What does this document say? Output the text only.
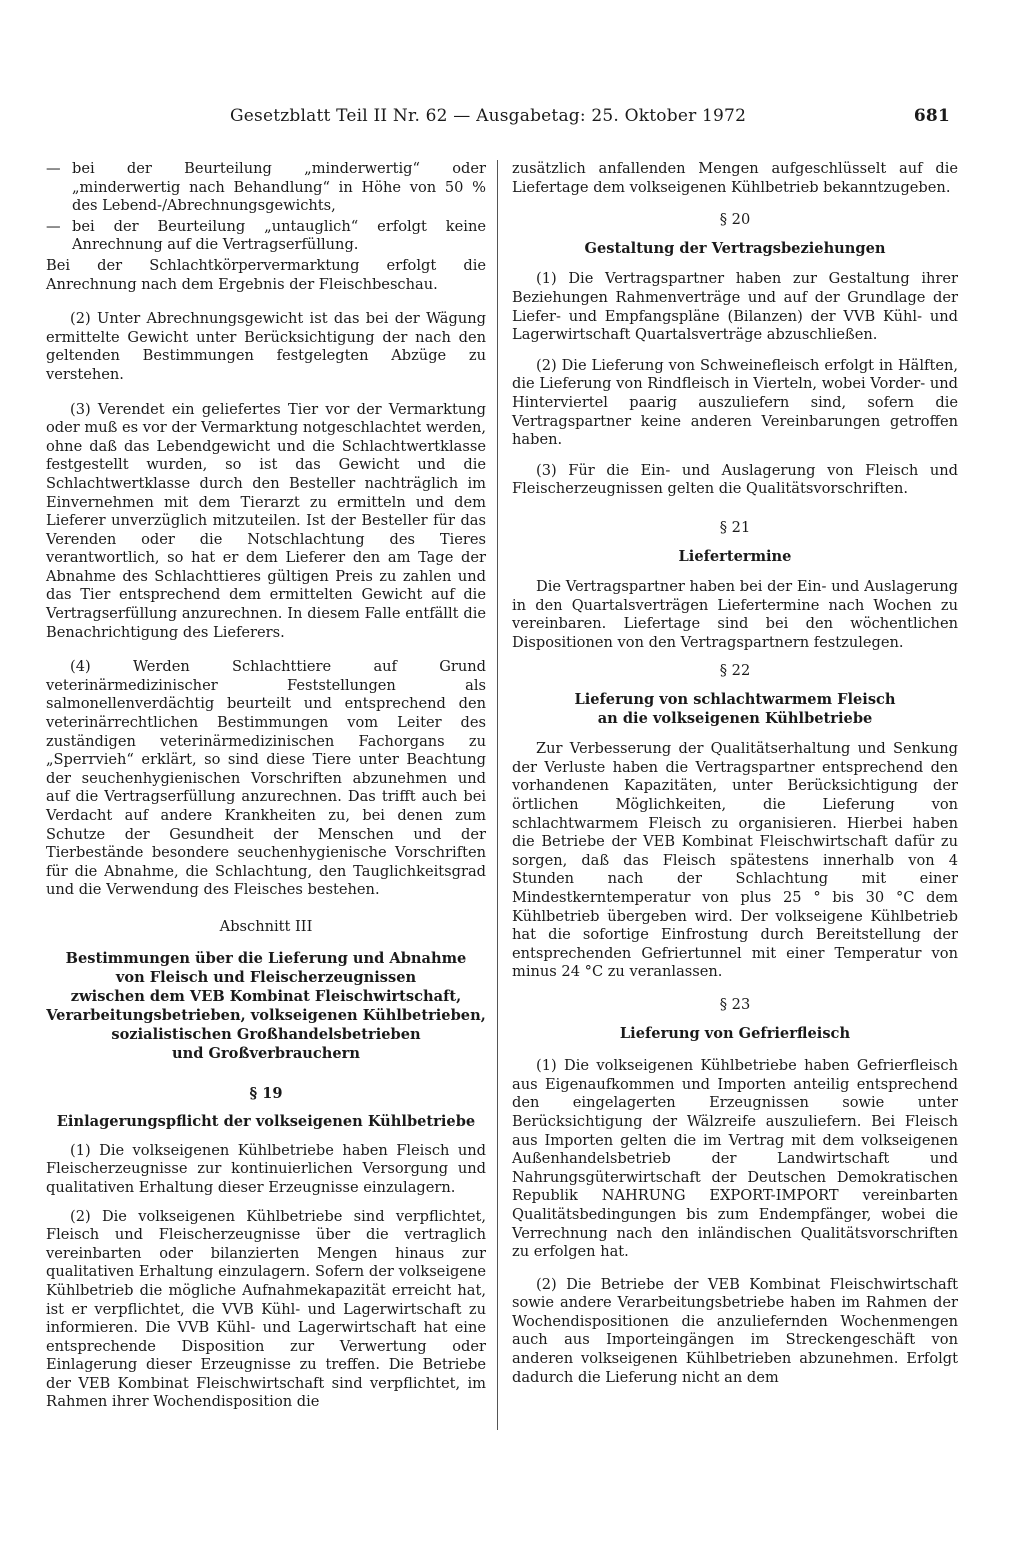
Gesetzblatt Teil II Nr. 62 — Ausgabetag: 25. Oktober 1972	681
— bei der Beurteilung „minderwertig“ oder „minderwertig nach Behandlung“ in Höhe von 50 % des Lebend-/Abrechnungsgewichts,

— bei der Beurteilung „untauglich“ erfolgt keine Anrechnung auf die Vertragserfüllung.

Bei der Schlachtkörpervermarktung erfolgt die Anrechnung nach dem Ergebnis der Fleischbeschau.

(2) Unter Abrechnungsgewicht ist das bei der Wägung ermittelte Gewicht unter Berücksichtigung der nach den geltenden Bestimmungen festgelegten Abzüge zu verstehen.

(3) Verendet ein geliefertes Tier vor der Vermarktung oder muß es vor der Vermarktung notgeschlachtet werden, ohne daß das Lebendgewicht und die Schlachtwertklasse festgestellt wurden, so ist das Gewicht und die Schlachtwertklasse durch den Besteller nachträglich im Einvernehmen mit dem Tierarzt zu ermitteln und dem Lieferer unverzüglich mitzuteilen. Ist der Besteller für das Verenden oder die Notschlachtung des Tieres verantwortlich, so hat er dem Lieferer den am Tage der Abnahme des Schlachttieres gültigen Preis zu zahlen und das Tier entsprechend dem ermittelten Gewicht auf die Vertragserfüllung anzurechnen. In diesem Falle entfällt die Benachrichtigung des Lieferers.

(4) Werden Schlachttiere auf Grund veterinärmedizinischer Feststellungen als salmonellenverdächtig beurteilt und entsprechend den veterinärrechtlichen Bestimmungen vom Leiter des zuständigen veterinärmedizinischen Fachorgans zu „Sperrvieh“ erklärt, so sind diese Tiere unter Beachtung der seuchenhygienischen Vorschriften abzunehmen und auf die Vertragserfüllung anzurechnen. Das trifft auch bei Verdacht auf andere Krankheiten zu, bei denen zum Schutze der Gesundheit der Menschen und der Tierbestände besondere seuchenhygienische Vorschriften für die Abnahme, die Schlachtung, den Tauglichkeitsgrad und die Verwendung des Fleisches bestehen.

Abschnitt III

Bestimmungen über die Lieferung und Abnahme
von Fleisch und Fleischerzeugnissen
zwischen dem VEB Kombinat Fleischwirtschaft,
Verarbeitungsbetrieben, volkseigenen Kühlbetrieben,
sozialistischen Großhandelsbetrieben
und Großverbrauchern

§ 19

Einlagerungspflicht der volkseigenen Kühlbetriebe

(1) Die volkseigenen Kühlbetriebe haben Fleisch und Fleischerzeugnisse zur kontinuierlichen Versorgung und qualitativen Erhaltung dieser Erzeugnisse einzulagern.

(2) Die volkseigenen Kühlbetriebe sind verpflichtet, Fleisch und Fleischerzeugnisse über die vertraglich vereinbarten oder bilanzierten Mengen hinaus zur qualitativen Erhaltung einzulagern. Sofern der volkseigene Kühlbetrieb die mögliche Aufnahmekapazität erreicht hat, ist er verpflichtet, die VVB Kühl- und Lagerwirtschaft zu informieren. Die VVB Kühl- und Lagerwirtschaft hat eine entsprechende Disposition zur Verwertung oder Einlagerung dieser Erzeugnisse zu treffen. Die Betriebe der VEB Kombinat Fleischwirtschaft sind verpflichtet, im Rahmen ihrer Wochendisposition die

zusätzlich anfallenden Mengen aufgeschlüsselt auf die Liefertage dem volkseigenen Kühlbetrieb bekanntzugeben.

§ 20

Gestaltung der Vertragsbeziehungen

(1) Die Vertragspartner haben zur Gestaltung ihrer Beziehungen Rahmenverträge und auf der Grundlage der Liefer- und Empfangspläne (Bilanzen) der VVB Kühl- und Lagerwirtschaft Quartalsverträge abzuschließen.

(2) Die Lieferung von Schweinefleisch erfolgt in Hälften, die Lieferung von Rindfleisch in Vierteln, wobei Vorder- und Hinterviertel paarig auszuliefern sind, sofern die Vertragspartner keine anderen Vereinbarungen getroffen haben.

(3) Für die Ein- und Auslagerung von Fleisch und Fleischerzeugnissen gelten die Qualitätsvorschriften.

§ 21

Liefertermine

Die Vertragspartner haben bei der Ein- und Auslagerung in den Quartalsverträgen Liefertermine nach Wochen zu vereinbaren. Liefertage sind bei den wöchentlichen Dispositionen von den Vertragspartnern festzulegen.

§ 22

Lieferung von schlachtwarmem Fleisch
an die volkseigenen Kühlbetriebe

Zur Verbesserung der Qualitätserhaltung und Senkung der Verluste haben die Vertragspartner entsprechend den vorhandenen Kapazitäten, unter Berücksichtigung der örtlichen Möglichkeiten, die Lieferung von schlachtwarmem Fleisch zu organisieren. Hierbei haben die Betriebe der VEB Kombinat Fleischwirtschaft dafür zu sorgen, daß das Fleisch spätestens innerhalb von 4 Stunden nach der Schlachtung mit einer Mindestkerntemperatur von plus 25 ° bis 30 °C dem Kühlbetrieb übergeben wird. Der volkseigene Kühlbetrieb hat die sofortige Einfrostung durch Bereitstellung der entsprechenden Gefriertunnel mit einer Temperatur von minus 24 °C zu veranlassen.

§ 23

Lieferung von Gefrierfleisch

(1) Die volkseigenen Kühlbetriebe haben Gefrierfleisch aus Eigenaufkommen und Importen anteilig entsprechend den eingelagerten Erzeugnissen sowie unter Berücksichtigung der Wälzreife auszuliefern. Bei Fleisch aus Importen gelten die im Vertrag mit dem volkseigenen Außenhandelsbetrieb der Landwirtschaft und Nahrungsgüterwirtschaft der Deutschen Demokratischen Republik NAHRUNG EXPORT-IMPORT vereinbarten Qualitätsbedingungen bis zum Endempfänger, wobei die Verrechnung nach den inländischen Qualitätsvorschriften zu erfolgen hat.

(2) Die Betriebe der VEB Kombinat Fleischwirtschaft sowie andere Verarbeitungsbetriebe haben im Rahmen der Wochendispositionen die anzuliefernden Wochenmengen auch aus Importeingängen im Streckengeschäft von anderen volkseigenen Kühlbetrieben abzunehmen. Erfolgt dadurch die Lieferung nicht an dem
